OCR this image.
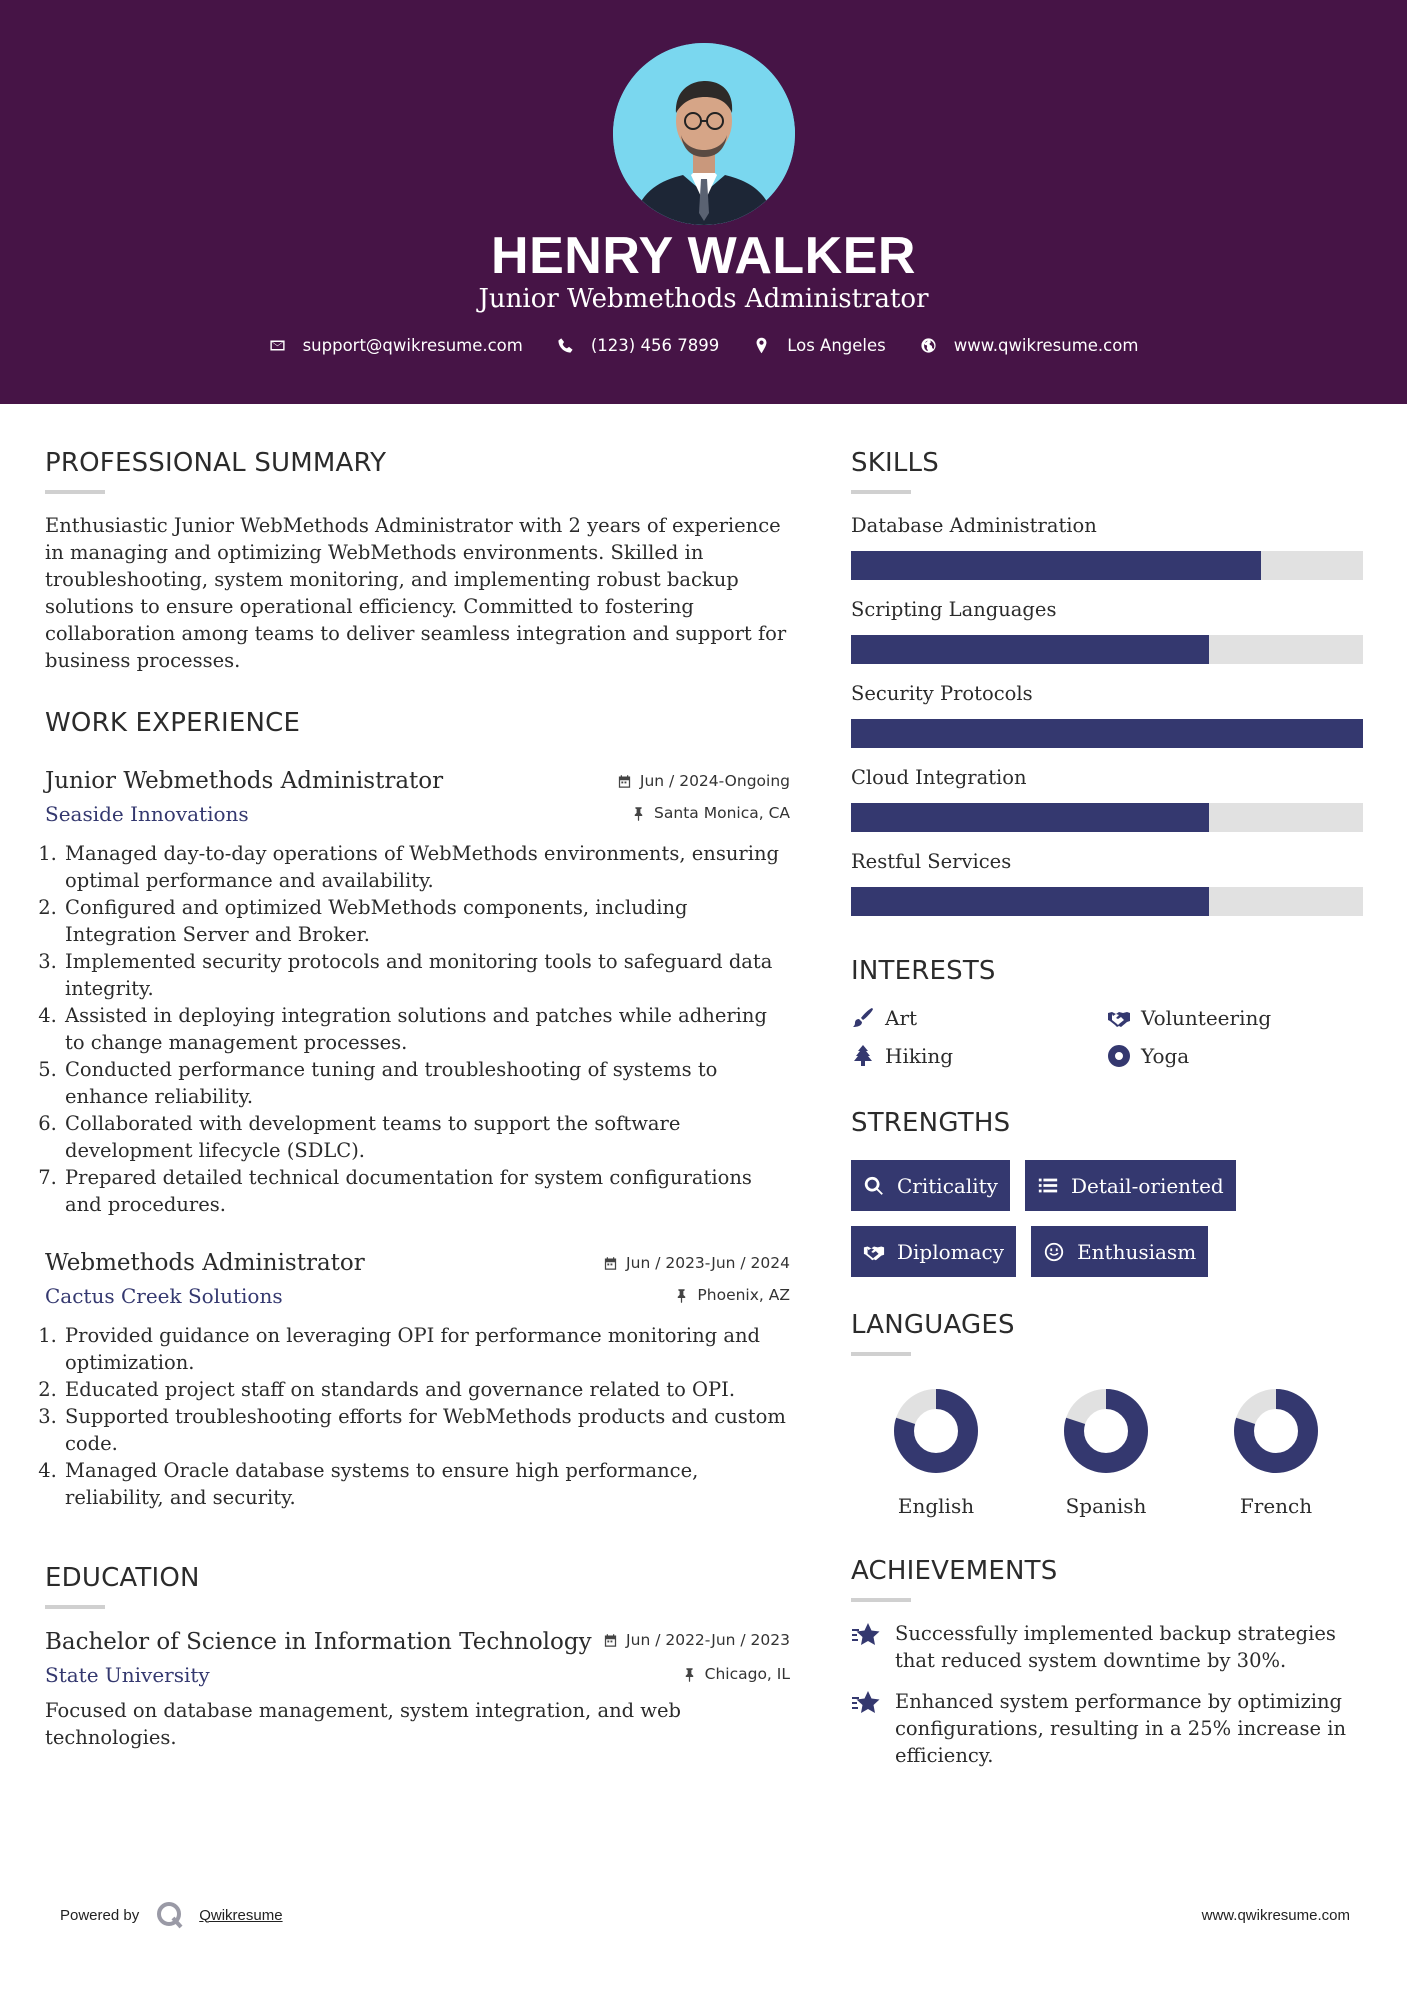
HENRY WALKER
Junior Webmethods Administrator
support@qwikresume.com	(123) 456 7899	Los Angeles	www.qwikresume.com
PROFESSIONAL SUMMARY

Enthusiastic Junior WebMethods Administrator with 2 years of experience in managing and optimizing WebMethods environments. Skilled in troubleshooting, system monitoring, and implementing robust backup solutions to ensure operational efficiency. Committed to fostering collaboration among teams to deliver seamless integration and support for business processes.

WORK EXPERIENCE
Junior Webmethods Administrator	Jun / 2024-Ongoing
Seaside Innovations	Santa Monica, CA
1. Managed day-to-day operations of WebMethods environments, ensuring optimal performance and availability.
2. Configured and optimized WebMethods components, including Integration Server and Broker.
3. Implemented security protocols and monitoring tools to safeguard data integrity.
4. Assisted in deploying integration solutions and patches while adhering to change management processes.
5. Conducted performance tuning and troubleshooting of systems to enhance reliability.
6. Collaborated with development teams to support the software development lifecycle (SDLC).
7. Prepared detailed technical documentation for system configurations and procedures.
Webmethods Administrator	Jun / 2023-Jun / 2024
Cactus Creek Solutions	Phoenix, AZ
1. Provided guidance on leveraging OPI for performance monitoring and optimization.
2. Educated project staff on standards and governance related to OPI.
3. Supported troubleshooting efforts for WebMethods products and custom code.
4. Managed Oracle database systems to ensure high performance, reliability, and security.
EDUCATION
Bachelor of Science in Information Technology Jun / 2022-Jun / 2023
State University	Chicago, IL

Focused on database management, system integration, and web technologies.

SKILLS
Database Administration
Scripting Languages
Security Protocols
Cloud Integration
Restful Services
INTERESTS
Art	Volunteering
Hiking	Yoga
STRENGTHS
Criticality	Detail-oriented
Diplomacy	Enthusiasm
LANGUAGES
English	Spanish	French
ACHIEVEMENTS

Successfully implemented backup strategies that reduced system downtime by 30%.

Enhanced system performance by optimizing configurations, resulting in a 25% increase in efficiency.

Powered by	Qwikresume	www.qwikresume.com
